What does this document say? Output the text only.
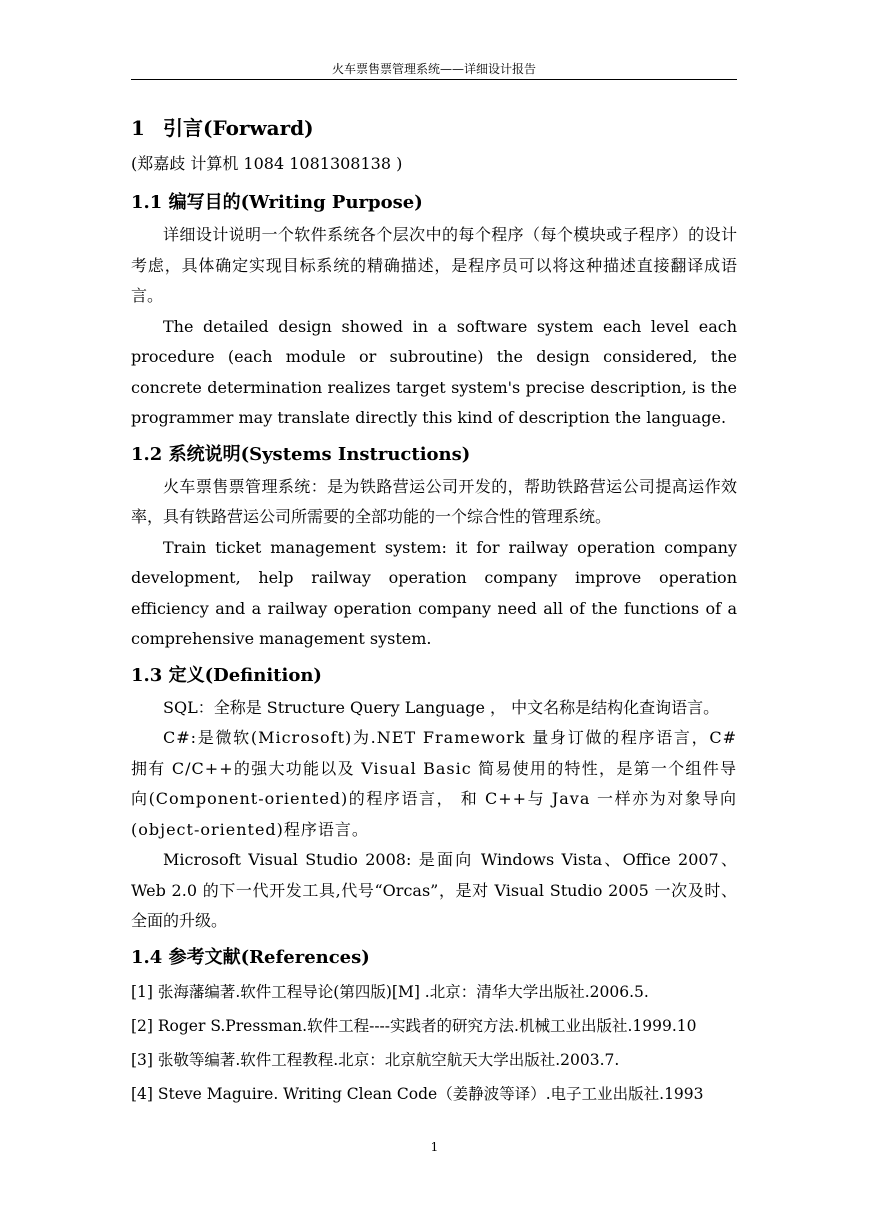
火车票售票管理系统——详细设计报告
1 引言(Forward)

(郑嘉歧 计算机 1084 1081308138 )

1.1 编写目的(Writing Purpose)

详细设计说明一个软件系统各个层次中的每个程序（每个模块或子程序）的设计考虑，具体确定实现目标系统的精确描述，是程序员可以将这种描述直接翻译成语言。

The detailed design showed in a software system each level each procedure (each module or subroutine) the design considered, the concrete determination realizes target system's precise description, is the programmer may translate directly this kind of description the language.

1.2 系统说明(Systems Instructions)

火车票售票管理系统：是为铁路营运公司开发的，帮助铁路营运公司提高运作效率，具有铁路营运公司所需要的全部功能的一个综合性的管理系统。

Train ticket management system: it for railway operation company development, help railway operation company improve operation efficiency and a railway operation company need all of the functions of a comprehensive management system.

1.3 定义(Definition)

SQL：全称是 Structure Query Language ， 中文名称是结构化查询语言。

C#:是微软(Microsoft)为.NET Framework 量身订做的程序语言，C#拥有 C/C++的强大功能以及 Visual Basic 简易使用的特性，是第一个组件导向(Component-oriented)的程序语言， 和 C++与 Java 一样亦为对象导向(object-oriented)程序语言。

Microsoft Visual Studio 2008: 是面向 Windows Vista、Office 2007、Web 2.0 的下一代开发工具,代号“Orcas”，是对 Visual Studio 2005 一次及时、全面的升级。

1.4 参考文献(References)
[1] 张海藩编著.软件工程导论(第四版)[M] .北京：清华大学出版社.2006.5.
[2] Roger S.Pressman.软件工程----实践者的研究方法.机械工业出版社.1999.10
[3] 张敬等编著.软件工程教程.北京：北京航空航天大学出版社.2003.7.
[4] Steve Maguire. Writing Clean Code（姜静波等译）.电子工业出版社.1993
1
